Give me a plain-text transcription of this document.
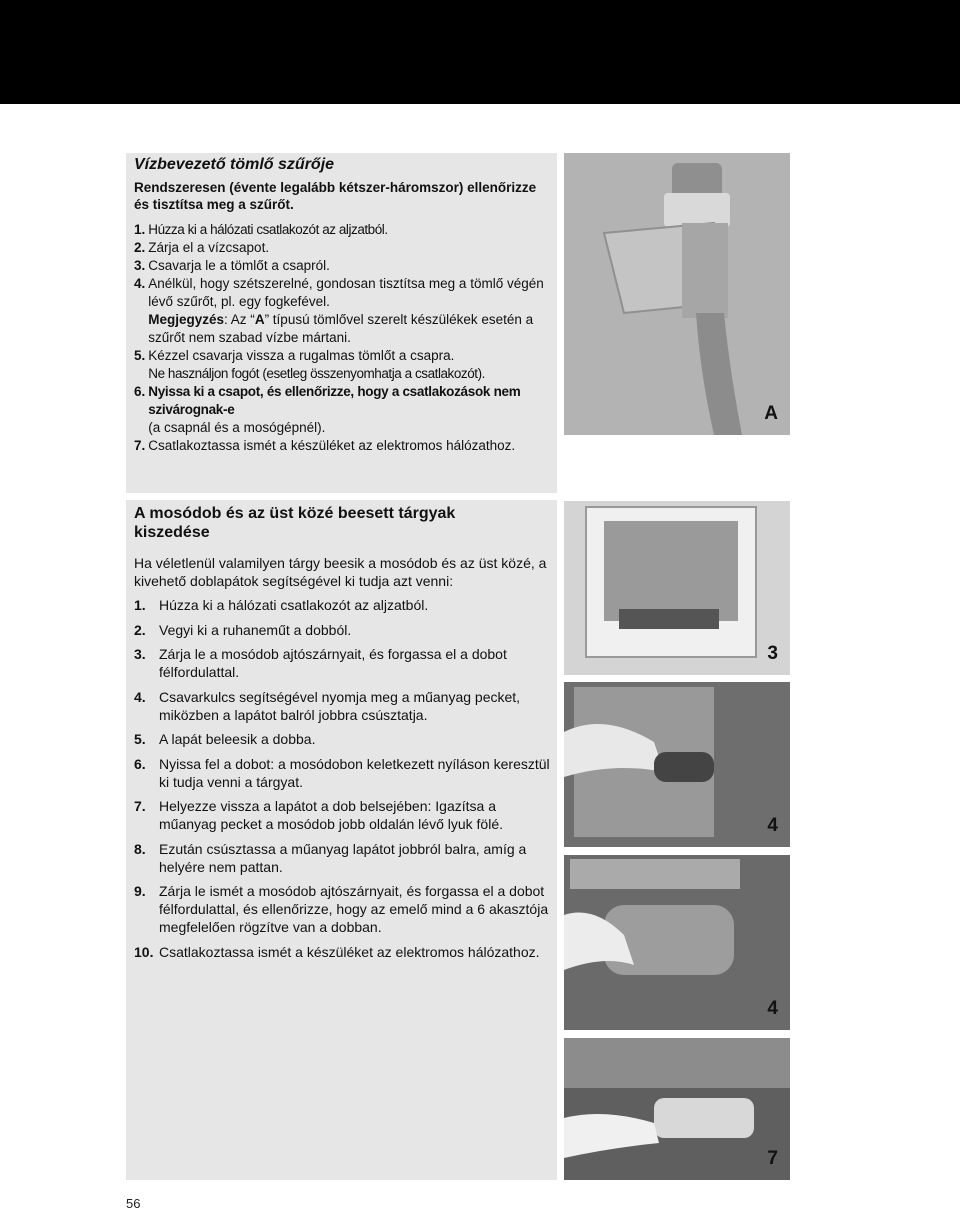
Vízbevezető tömlő szűrője
Rendszeresen (évente legalább kétszer-háromszor) ellenőrizze és tisztítsa meg a szűrőt.
1. Húzza ki a hálózati csatlakozót az aljzatból.
2. Zárja el a vízcsapot.
3. Csavarja le a tömlőt a csapról.
4. Anélkül, hogy szétszerelné, gondosan tisztítsa meg a tömlő végén lévő szűrőt, pl. egy fogkefével.
Megjegyzés: Az “A” típusú tömlővel szerelt készülékek esetén a szűrőt nem szabad vízbe mártani.
5. Kézzel csavarja vissza a rugalmas tömlőt a csapra.
Ne használjon fogót (esetleg összenyomhatja a csatlakozót).
6. Nyissa ki a csapot, és ellenőrizze, hogy a csatlakozások nem szivárognak-e
(a csapnál és a mosógépnél).
7. Csatlakoztassa ismét a készüléket az elektromos hálózathoz.
A mosódob és az üst közé beesett tárgyak kiszedése
Ha véletlenül valamilyen tárgy beesik a mosódob és az üst közé, a kivehető doblapátok segítségével ki tudja azt venni:
1. Húzza ki a hálózati csatlakozót az aljzatból.
2. Vegyi ki a ruhaneműt a dobból.
3. Zárja le a mosódob ajtószárnyait, és forgassa el a dobot félfordulattal.
4. Csavarkulcs segítségével nyomja meg a műanyag pecket, miközben a lapátot balról jobbra csúsztatja.
5. A lapát beleesik a dobba.
6. Nyissa fel a dobot: a mosódobon keletkezett nyíláson keresztül ki tudja venni a tárgyat.
7. Helyezze vissza a lapátot a dob belsejében: Igazítsa a műanyag pecket a mosódob jobb oldalán lévő lyuk fölé.
8. Ezután csúsztassa a műanyag lapátot jobbról balra, amíg a helyére nem pattan.
9. Zárja le ismét a mosódob ajtószárnyait, és forgassa el a dobot félfordulattal, és ellenőrizze, hogy az emelő mind a 6 akasztója megfelelően rögzítve van a dobban.
10. Csatlakoztassa ismét a készüléket az elektromos hálózathoz.
A
3
4
4
7
56
